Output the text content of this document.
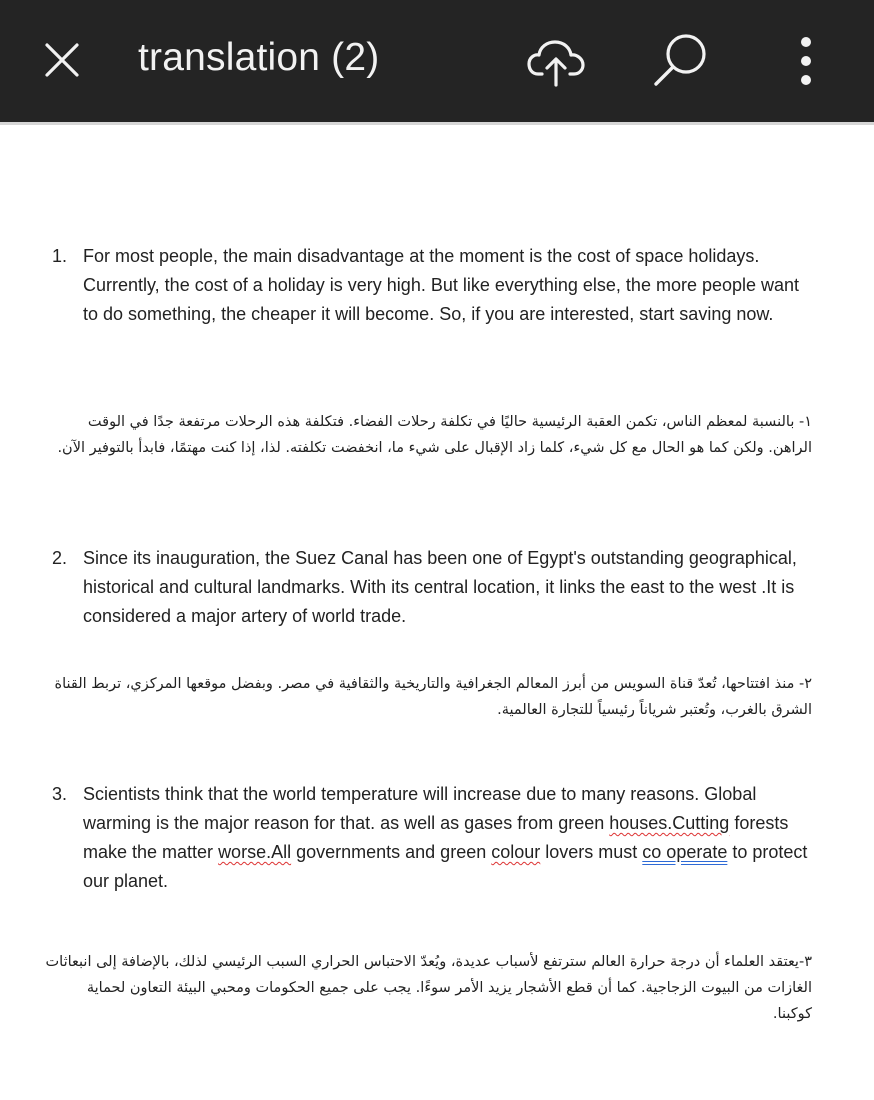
translation (2)
1. For most people, the main disadvantage at the moment is the cost of space holidays. Currently, the cost of a holiday is very high. But like everything else, the more people want to do something, the cheaper it will become. So, if you are interested, start saving now.
١- بالنسبة لمعظم الناس، تكمن العقبة الرئيسية حاليًا في تكلفة رحلات الفضاء. فتكلفة هذه الرحلات مرتفعة جدًا في الوقت الراهن. ولكن كما هو الحال مع كل شيء، كلما زاد الإقبال على شيء ما، انخفضت تكلفته. لذا، إذا كنت مهتمًا، فابدأ بالتوفير الآن.
2. Since its inauguration, the Suez Canal has been one of Egypt's outstanding geographical, historical and cultural landmarks. With its central location, it links the east to the west .It is considered a major artery of world trade.
٢- منذ افتتاحها، تُعدّ قناة السويس من أبرز المعالم الجغرافية والتاريخية والثقافية في مصر. وبفضل موقعها المركزي، تربط القناة الشرق بالغرب، وتُعتبر شرياناً رئيسياً للتجارة العالمية.
3. Scientists think that the world temperature will increase due to many reasons. Global warming is the major reason for that. as well as gases from green houses.Cutting forests make the matter worse.All governments and green colour lovers must co operate to protect our planet.
٣-يعتقد العلماء أن درجة حرارة العالم سترتفع لأسباب عديدة، ويُعدّ الاحتباس الحراري السبب الرئيسي لذلك، بالإضافة إلى انبعاثات الغازات من البيوت الزجاجية. كما أن قطع الأشجار يزيد الأمر سوءًا. يجب على جميع الحكومات ومحبي البيئة التعاون لحماية كوكبنا.
